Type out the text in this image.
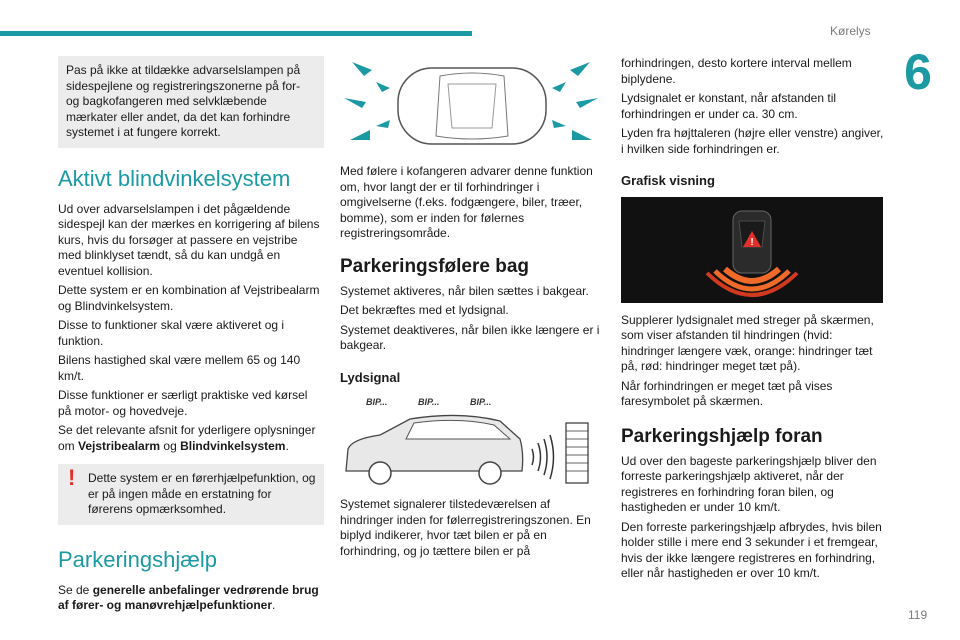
Kørelys
6
119

Pas på ikke at tildække advarselslampen på sidespejlene og registreringszonerne på for- og bagkofangeren med selvklæbende mærkater eller andet, da det kan forhindre systemet i at fungere korrekt.

Aktivt blindvinkelsystem

Ud over advarselslampen i det pågældende sidespejl kan der mærkes en korrigering af bilens kurs, hvis du forsøger at passere en vejstribe med blinklyset tændt, så du kan undgå en eventuel kollision.

Dette system er en kombination af Vejstribealarm og Blindvinkelsystem.

Disse to funktioner skal være aktiveret og i funktion.

Bilens hastighed skal være mellem 65 og 140 km/t.

Disse funktioner er særligt praktiske ved kørsel på motor- og hovedveje.

Se det relevante afsnit for yderligere oplysninger om Vejstribealarm og Blindvinkelsystem.

! Dette system er en førerhjælpefunktion, og er på ingen måde en erstatning for førerens opmærksomhed.

Parkeringshjælp

Se de generelle anbefalinger vedrørende brug af fører- og manøvrehjælpefunktioner.

Med følere i kofangeren advarer denne funktion om, hvor langt der er til forhindringer i omgivelserne (f.eks. fodgængere, biler, træer, bomme), som er inden for følernes registreringsområde.

Parkeringsfølere bag

Systemet aktiveres, når bilen sættes i bakgear.

Det bekræftes med et lydsignal.

Systemet deaktiveres, når bilen ikke længere er i bakgear.

Lydsignal
BIP...	BIP...	BIP...

Systemet signalerer tilstedeværelsen af hindringer inden for følerregistreringszonen. En biplyd indikerer, hvor tæt bilen er på en forhindring, og jo tættere bilen er på

forhindringen, desto kortere interval mellem biplydene.

Lydsignalet er konstant, når afstanden til forhindringen er under ca. 30 cm.

Lyden fra højttaleren (højre eller venstre) angiver, i hvilken side forhindringen er.

Grafisk visning
!

Supplerer lydsignalet med streger på skærmen, som viser afstanden til hindringen (hvid: hindringer længere væk, orange: hindringer tæt på, rød: hindringer meget tæt på).

Når forhindringen er meget tæt på vises faresymbolet på skærmen.

Parkeringshjælp foran

Ud over den bageste parkeringshjælp bliver den forreste parkeringshjælp aktiveret, når der registreres en forhindring foran bilen, og hastigheden er under 10 km/t.

Den forreste parkeringshjælp afbrydes, hvis bilen holder stille i mere end 3 sekunder i et fremgear, hvis der ikke længere registreres en forhindring, eller når hastigheden er over 10 km/t.
